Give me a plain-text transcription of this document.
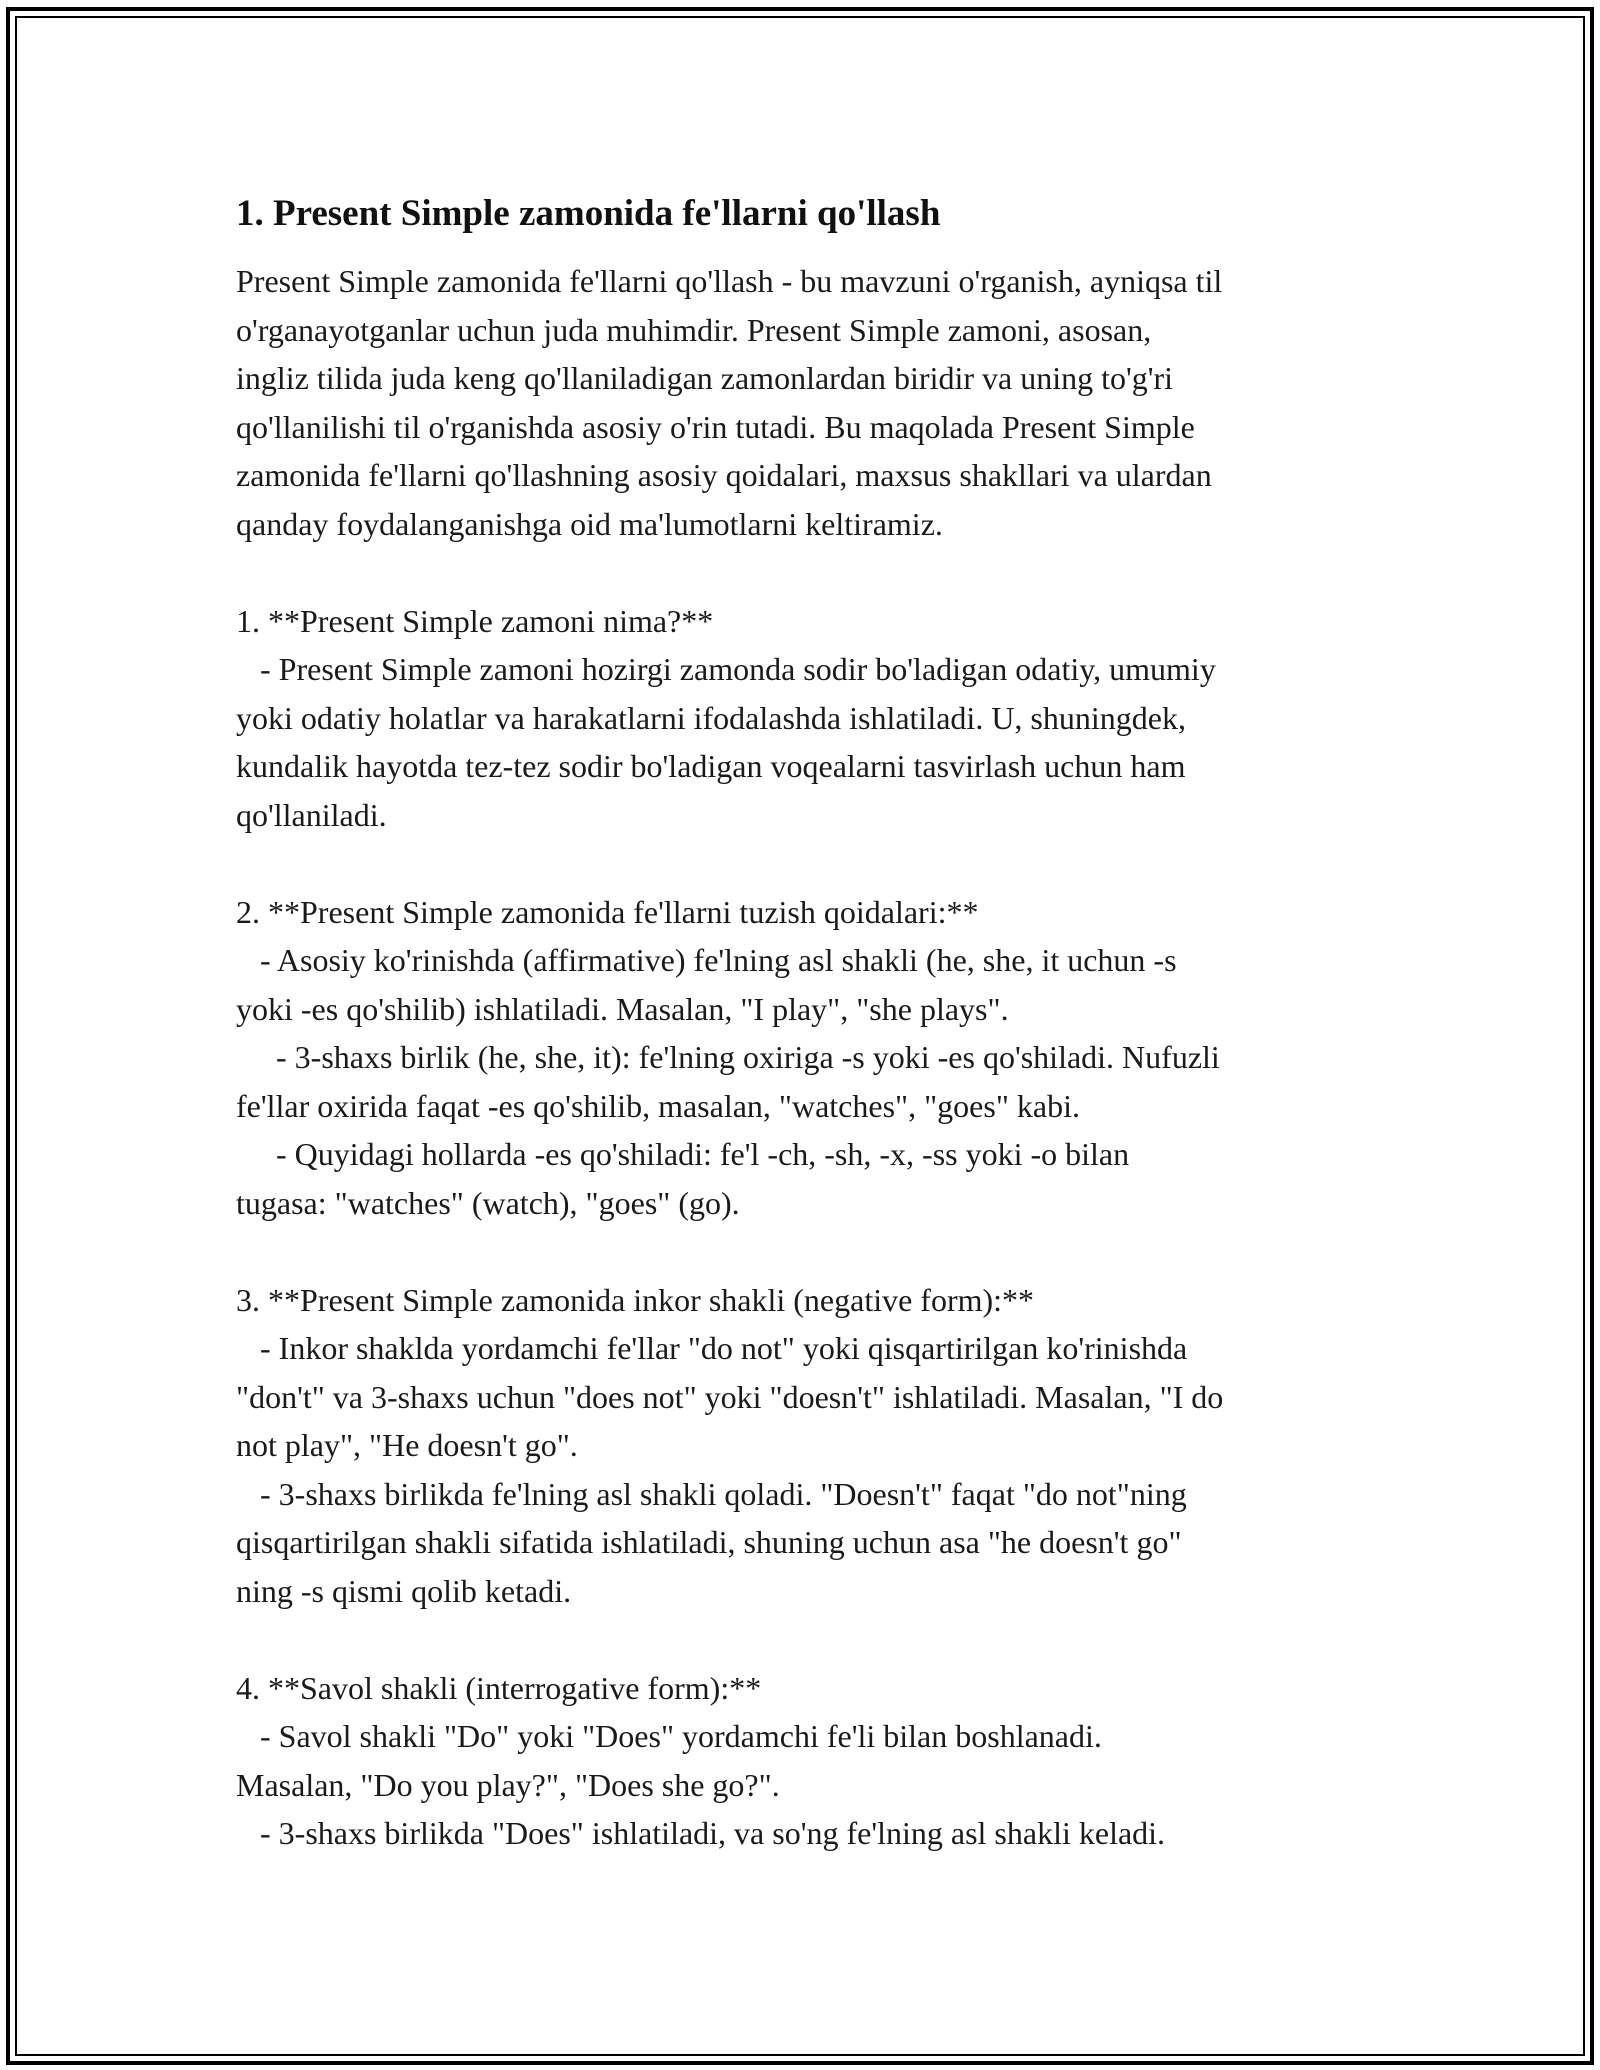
1. Present Simple zamonida fe'llarni qo'llash

Present Simple zamonida fe'llarni qo'llash - bu mavzuni o'rganish, ayniqsa til
o'rganayotganlar uchun juda muhimdir. Present Simple zamoni, asosan,
ingliz tilida juda keng qo'llaniladigan zamonlardan biridir va uning to'g'ri
qo'llanilishi til o'rganishda asosiy o'rin tutadi. Bu maqolada Present Simple
zamonida fe'llarni qo'llashning asosiy qoidalari, maxsus shakllari va ulardan
qanday foydalanganishga oid ma'lumotlarni keltiramiz.

1. **Present Simple zamoni nima?**
- Present Simple zamoni hozirgi zamonda sodir bo'ladigan odatiy, umumiy
yoki odatiy holatlar va harakatlarni ifodalashda ishlatiladi. U, shuningdek,
kundalik hayotda tez-tez sodir bo'ladigan voqealarni tasvirlash uchun ham
qo'llaniladi.

2. **Present Simple zamonida fe'llarni tuzish qoidalari:**
- Asosiy ko'rinishda (affirmative) fe'lning asl shakli (he, she, it uchun -s
yoki -es qo'shilib) ishlatiladi. Masalan, "I play", "she plays".
- 3-shaxs birlik (he, she, it): fe'lning oxiriga -s yoki -es qo'shiladi. Nufuzli
fe'llar oxirida faqat -es qo'shilib, masalan, "watches", "goes" kabi.
- Quyidagi hollarda -es qo'shiladi: fe'l -ch, -sh, -x, -ss yoki -o bilan
tugasa: "watches" (watch), "goes" (go).

3. **Present Simple zamonida inkor shakli (negative form):**
- Inkor shakldа yordamchi fe'llar "do not" yoki qisqartirilgan ko'rinishda
"don't" va 3-shaxs uchun "does not" yoki "doesn't" ishlatiladi. Masalan, "I do
not play", "He doesn't go".
- 3-shaxs birlikda fe'lning asl shakli qoladi. "Doesn't" faqat "do not"ning
qisqartirilgan shakli sifatida ishlatiladi, shuning uchun asa "he doesn't go"
ning -s qismi qolib ketadi.

4. **Savol shakli (interrogative form):**
- Savol shakli "Do" yoki "Does" yordamchi fe'li bilan boshlanadi.
Masalan, "Do you play?", "Does she go?".
- 3-shaxs birlikda "Does" ishlatiladi, va so'ng fe'lning asl shakli keladi.
